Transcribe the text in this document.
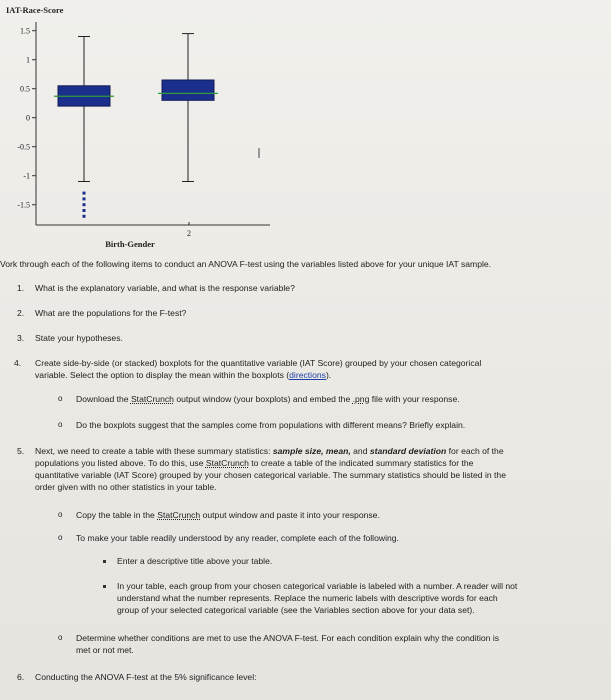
1.5
1
0.5
0
-0.5
-1
-1.5
IAT-Race-Score
2
Birth-Gender
Vork through each of the following items to conduct an ANOVA F-test using the variables listed above for your unique IAT sample.
1. What is the explanatory variable, and what is the response variable?
2. What are the populations for the F-test?
3. State your hypotheses.
4. Create side-by-side (or stacked) boxplots for the quantitative variable (IAT Score) grouped by your chosen categorical
variable. Select the option to display the mean within the boxplots (directions).
o Download the StatCrunch output window (your boxplots) and embed the .png file with your response.
o Do the boxplots suggest that the samples come from populations with different means? Briefly explain.
5. Next, we need to create a table with these summary statistics: sample size, mean, and standard deviation for each of the
populations you listed above. To do this, use StatCrunch to create a table of the indicated summary statistics for the
quantitative variable (IAT Score) grouped by your chosen categorical variable. The summary statistics should be listed in the
order given with no other statistics in your table.
o Copy the table in the StatCrunch output window and paste it into your response.
o To make your table readily understood by any reader, complete each of the following.
Enter a descriptive title above your table.
In your table, each group from your chosen categorical variable is labeled with a number. A reader will not
understand what the number represents. Replace the numeric labels with descriptive words for each
group of your selected categorical variable (see the Variables section above for your data set).
o Determine whether conditions are met to use the ANOVA F-test. For each condition explain why the condition is
met or not met.
6. Conducting the ANOVA F-test at the 5% significance level:
